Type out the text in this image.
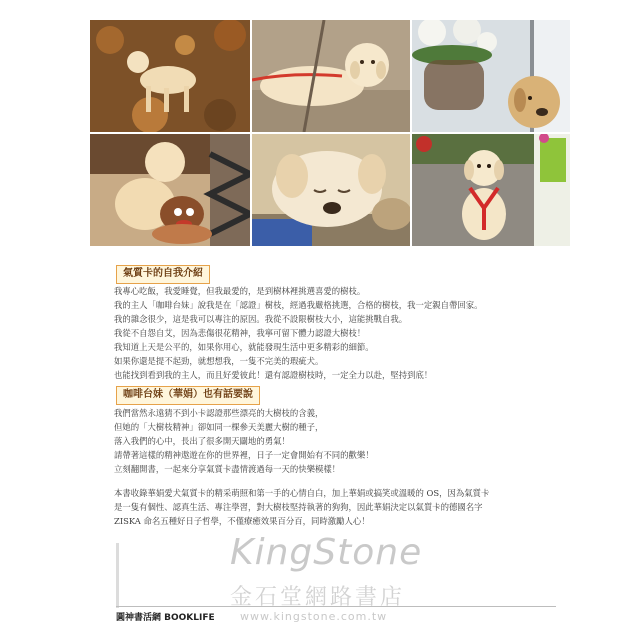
氣質卡的自我介紹

我專心吃飯，我愛睡覺，但我最愛的，是到樹林裡挑選喜愛的樹枝。
我的主人「咖啡台妹」說我是在「認證」樹枝，經過我嚴格挑選，合格的樹枝，我一定親自帶回家。
我的雜念很少，這是我可以專注的原因。我從不設限樹枝大小，這能挑戰自我。
我從不自怨自艾，因為悲傷很花精神，我寧可留下體力認證大樹枝！
我知道上天是公平的，如果你用心，就能發現生活中更多精彩的細節。
如果你還是提不起勁，就想想我，一隻不完美的瑕疵犬。
也能找到看到我的主人，而且好愛彼此！還有認證樹枝時，一定全力以赴，堅持到底！

咖啡台妹（華娟）也有話要說

我們當然永遠猜不到小卡認證那些漂亮的大樹枝的含義，
但她的「大樹枝精神」卻如同一棵參天美麗大樹的種子，
落入我們的心中，長出了很多開天闢地的勇氣！
請帶著這樣的精神遨遊在你的世界裡，日子一定會開始有不同的歡樂！
立刻翻開書，一起來分享氣質卡盡情渡過每一天的快樂模樣！

本書收錄華娟愛犬氣質卡的精采萌照和第一手的心情自白，加上華娟或搞笑或溫暖的 OS，因為氣質卡
是一隻有個性、認真生活、專注學習，對大樹枝堅持執著的狗狗，因此華娟決定以氣質卡的德國名字
ZISKA 命名五種好日子哲學，不僅療癒效果百分百，同時激勵人心！

圓神書活網 BOOKLIFE
KingStone
金石堂網路書店
www.kingstone.com.tw
